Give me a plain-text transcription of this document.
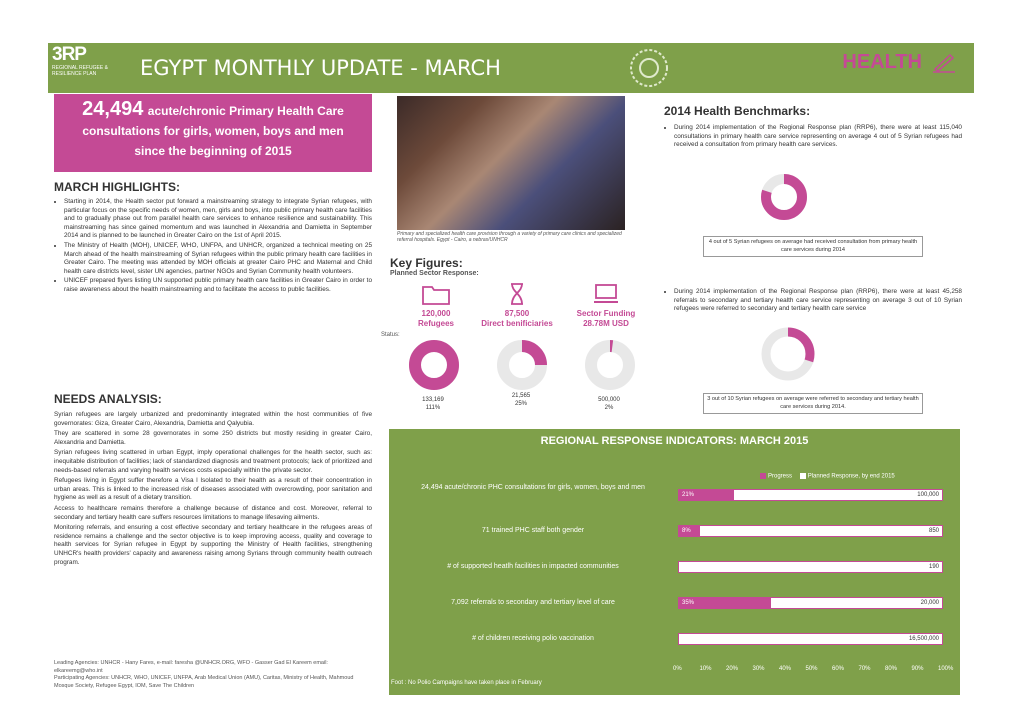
3RP
REGIONAL REFUGEE & RESILIENCE PLAN	EGYPT MONTHLY UPDATE - MARCH	HEALTH
24,494 acute/chronic Primary Health Care
consultations for girls, women, boys and men
since the beginning of 2015
MARCH HIGHLIGHTS:
• Starting in 2014, the Health sector put forward a mainstreaming strategy to integrate Syrian refugees, with particular focus on the specific needs of women, men, girls and boys, into public primary health care facilities and to gradually phase out from parallel health care services to enhance resilience and sustainability. This mainstreaming has since gained momentum and was launched in Alexandria and Damietta in September 2014 and is planned to be launched in Greater Cairo on the 1st of April 2015.
• The Ministry of Health (MOH), UNICEF, WHO, UNFPA, and UNHCR, organized a technical meeting on 25 March ahead of the health mainstreaming of Syrian refugees within the public primary health care facilities in Greater Cairo. The meeting was attended by MOH officials at greater Cairo PHC and Maternal and Child health care districts level, sister UN agencies, partner NGOs and Syrian Community health volunteers.
• UNICEF prepared flyers listing UN supported public primary health care facilities in Greater Cairo in order to raise awareness about the health mainstreaming and to facilitate the access to public facilities.
NEEDS ANALYSIS:

Syrian refugees are largely urbanized and predominantly integrated within the host communities of five governorates: Giza, Greater Cairo, Alexandria, Damietta and Qalyubia.

They are scattered in some 28 governorates in some 250 districts but mostly residing in greater Cairo, Alexandria and Damietta.

Syrian refugees living scattered in urban Egypt, imply operational challenges for the health sector, such as: inequitable distribution of facilities; lack of standardized diagnosis and treatment protocols; lack of prioritized and needs-based referrals and varying health services costs especially within the private sector.

Refugees living in Egypt suffer therefore a Visa l Isolated to their health as a result of their concentration in urban areas. This is linked to the increased risk of diseases associated with overcrowding, poor sanitation and hygiene as well as a result of a dietary transition.

Access to healthcare remains therefore a challenge because of distance and cost. Moreover, referral to secondary and tertiary health care suffers resources limitations to manage lifesaving ailments.

Monitoring referrals, and ensuring a cost effective secondary and tertiary healthcare in the refugees areas of residence remains a challenge and the sector objective is to keep improving access, quality and coverage to health services for Syrian refugee in Egypt by supporting the Ministry of Health facilities, strengthening UNHCR's health providers' capacity and awareness raising among Syrians through community health outreach program.

Leading Agencies: UNHCR - Hany Fares, e-mail: faresha @UNHCR.ORG, WFO - Gasser Gad El Kareem email: elkareemg@who.int
Participating Agencies: UNHCR, WHO, UNICEF, UNFPA, Arab Medical Union (AMU), Caritas, Ministry of Health, Mahmoud Mosque Society, Refugee Egypt, IOM, Save The Children
Primary and specialized health care provision through a variety of primary care clinics and specialized referral hospitals. Egypt - Cairo, a nebras/UNHCR
Key Figures:
Planned Sector Response:
120,000
Refugees
87,500
Direct benificiaries
Sector Funding
28.78M USD
Status:
133,169
111%
21,565
25%
500,000
2%
2014 Health Benchmarks:
• During 2014 implementation of the Regional Response plan (RRP6), there were at least 115,040 consultations in primary health care service representing on average 4 out of 5 Syrian refugees had received a consultation from primary health care services.
4 out of 5 Syrian refugees on average had received consultation from primary health care services during 2014
• During 2014 implementation of the Regional Response plan (RRP6), there were at least 45,258 referrals to secondary and tertiary health care service representing on average 3 out of 10 Syrian refugees were referred to secondary and tertiary health care service
3 out of 10 Syrian refugees on average were referred to secondary and tertiary health care services during 2014.
REGIONAL RESPONSE INDICATORS: MARCH 2015
Progress	Planned Response, by end 2015
24,494 acute/chronic PHC consultations for girls, women, boys and men
21%	100,000
71 trained PHC staff both gender	8%	850
# of supported heatlh facilities in impacted communities	190
7,092 referrals to secondary and tertiary level of care	35%	20,000
# of children receiving polio vaccination	16,500,000
0%	10% 20% 30% 40% 50% 60% 70% 80% 90% 100%
Foot : No Polio Campaigns have taken place in February
